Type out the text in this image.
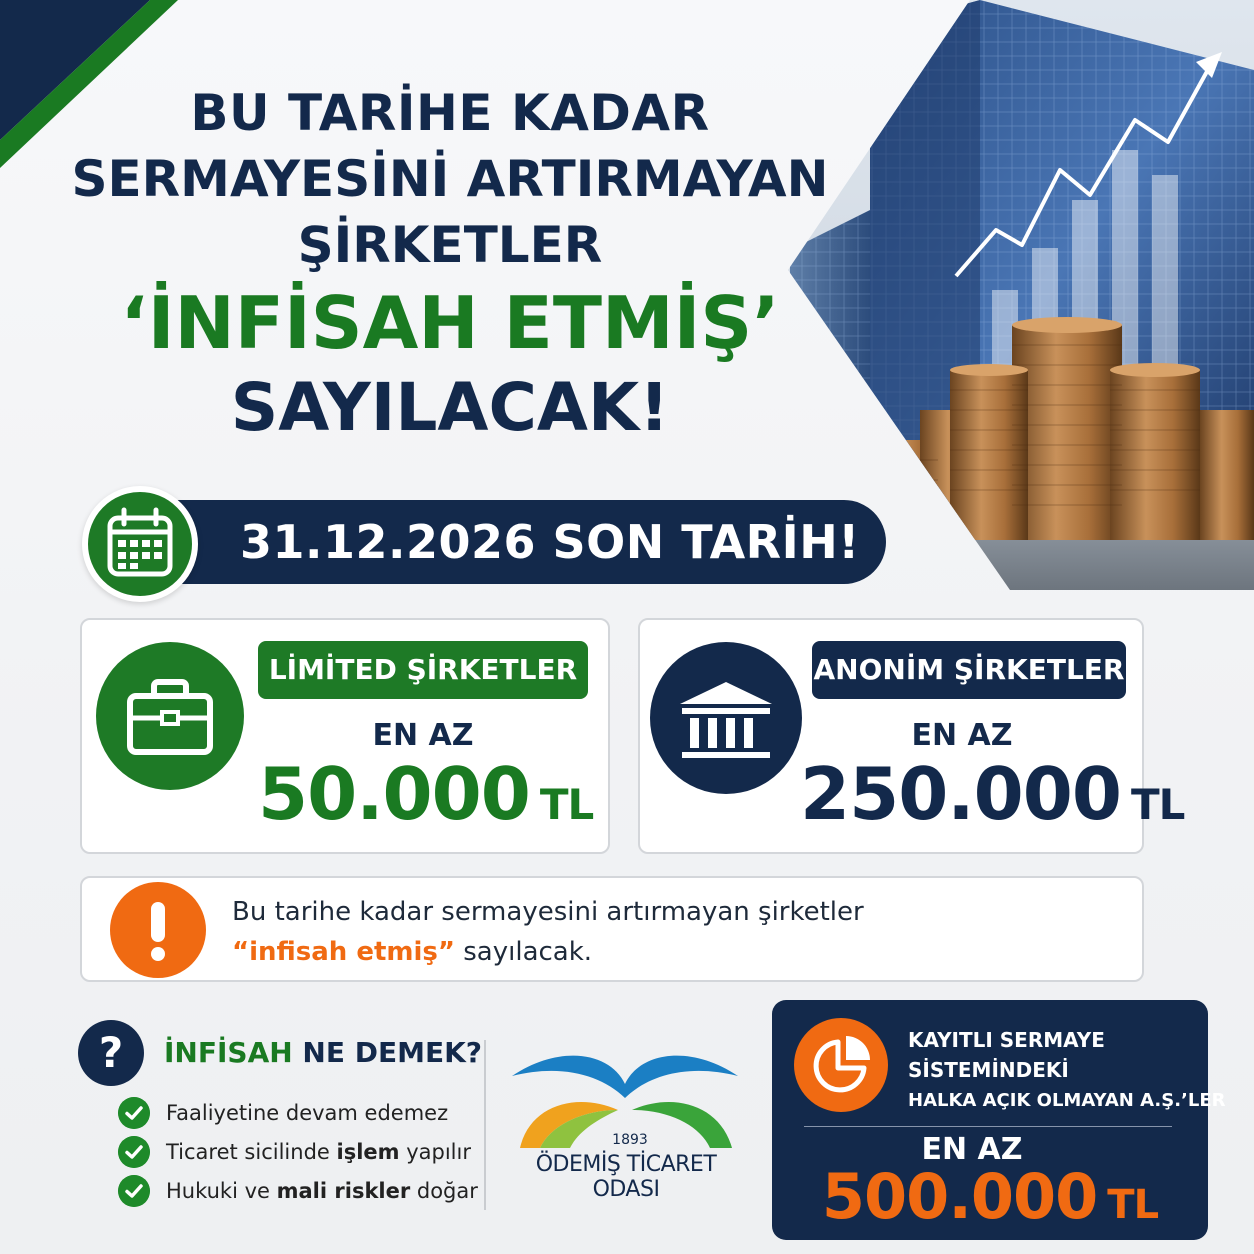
BU TARİHE KADAR
SERMAYESİNİ ARTIRMAYAN
ŞİRKETLER
‘İNFİSAH ETMİŞ’
SAYILACAK!
31.12.2026 SON TARİH!
LİMİTED ŞİRKETLER
EN AZ
50.000 TL
ANONİM ŞİRKETLER
EN AZ
250.000 TL
Bu tarihe kadar sermayesini artırmayan şirketler
“infisah etmiş” sayılacak.
?	İNFİSAH NE DEMEK?
Faaliyetine devam edemez
Ticaret sicilinde işlem yapılır
Hukuki ve mali riskler doğar
1893
ÖDEMİŞ TİCARET ODASI
KAYITLI SERMAYE
SİSTEMİNDEKİ
HALKA AÇIK OLMAYAN A.Ş.’LER
EN AZ
500.000 TL
